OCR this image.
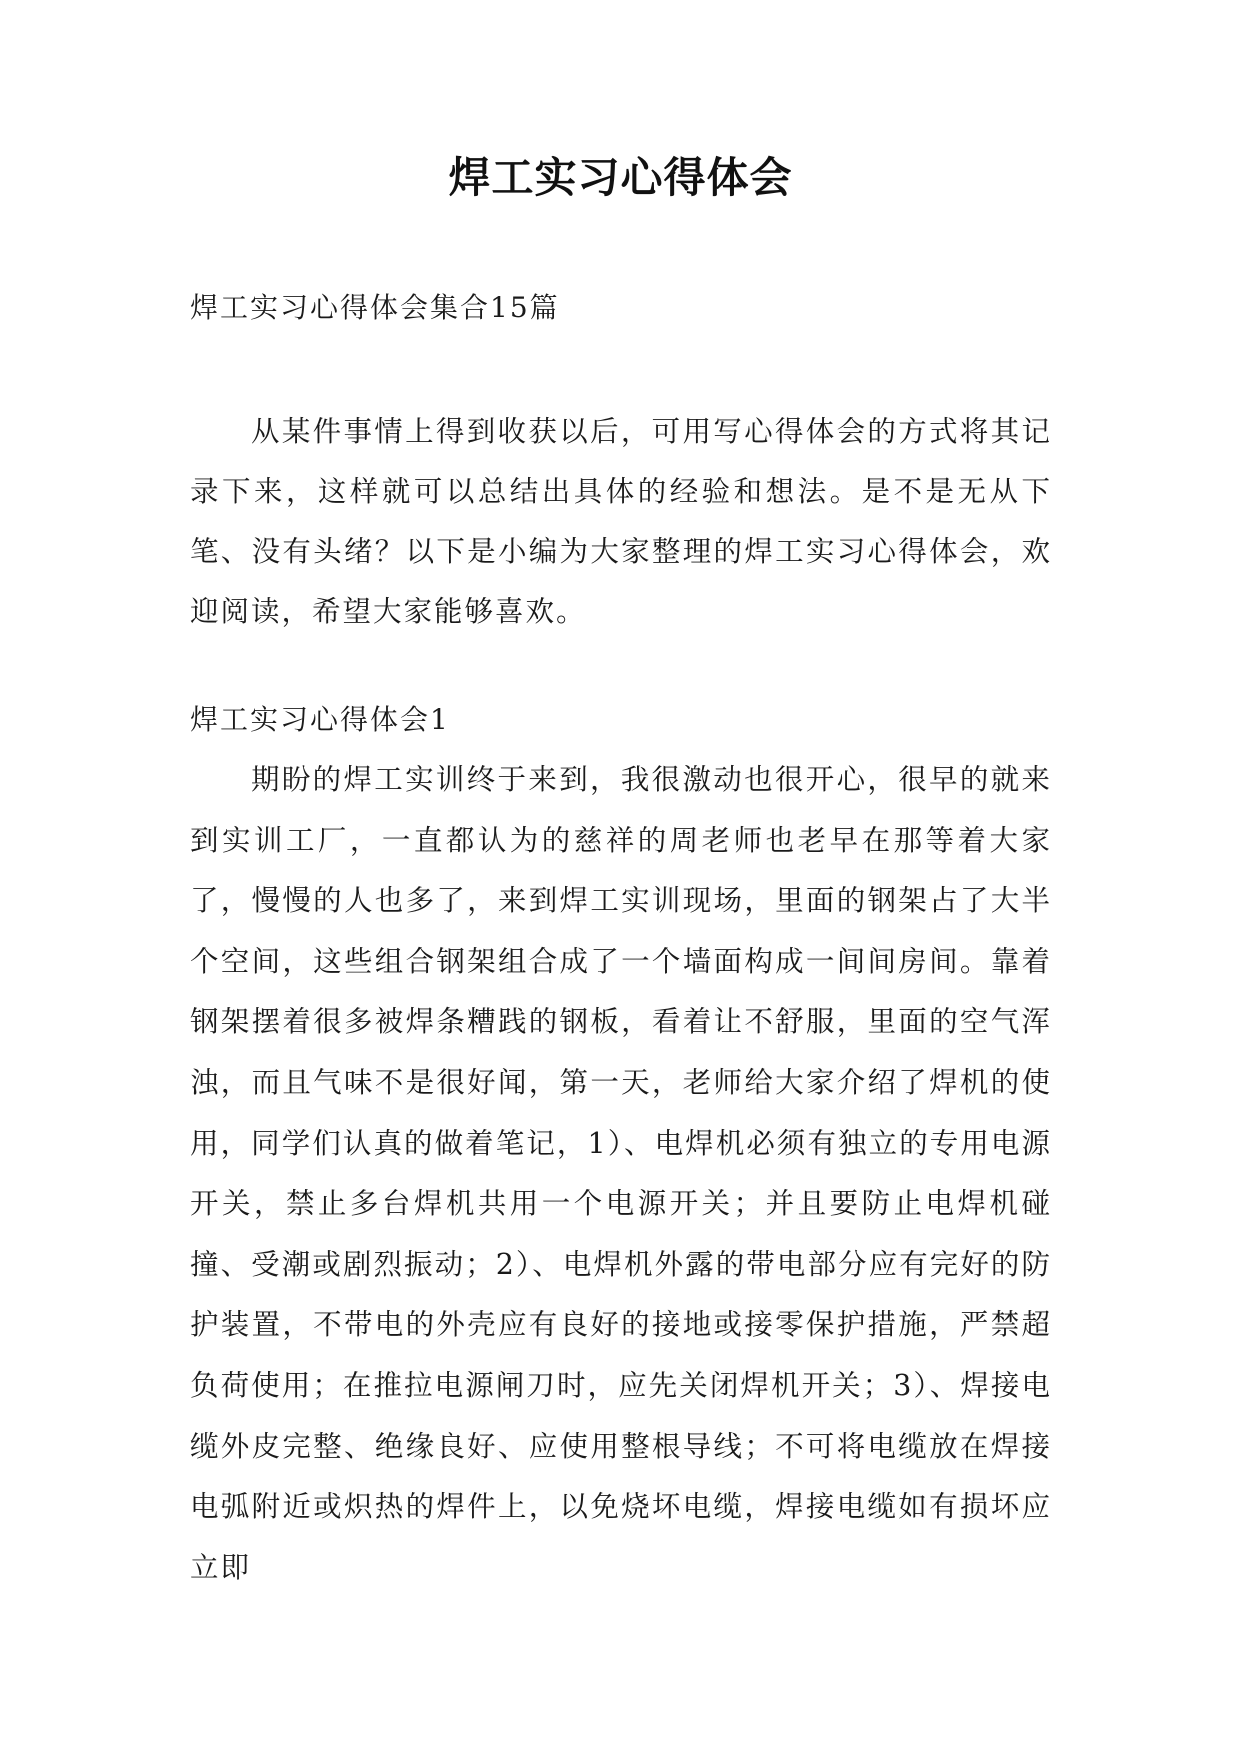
焊工实习心得体会
焊工实习心得体会集合15篇
从某件事情上得到收获以后，可用写心得体会的方式将其记录下来，这样就可以总结出具体的经验和想法。是不是无从下笔、没有头绪？以下是小编为大家整理的焊工实习心得体会，欢迎阅读，希望大家能够喜欢。
焊工实习心得体会1
期盼的焊工实训终于来到，我很激动也很开心，很早的就来到实训工厂，一直都认为的慈祥的周老师也老早在那等着大家了，慢慢的人也多了，来到焊工实训现场，里面的钢架占了大半个空间，这些组合钢架组合成了一个墙面构成一间间房间。靠着钢架摆着很多被焊条糟践的钢板，看着让不舒服，里面的空气浑浊，而且气味不是很好闻，第一天，老师给大家介绍了焊机的使用，同学们认真的做着笔记，1）、电焊机必须有独立的专用电源开关，禁止多台焊机共用一个电源开关；并且要防止电焊机碰撞、受潮或剧烈振动；2）、电焊机外露的带电部分应有完好的防护装置，不带电的外壳应有良好的接地或接零保护措施，严禁超负荷使用；在推拉电源闸刀时，应先关闭焊机开关；3）、焊接电缆外皮完整、绝缘良好、应使用整根导线；不可将电缆放在焊接电弧附近或炽热的焊件上，以免烧坏电缆，焊接电缆如有损坏应立即
